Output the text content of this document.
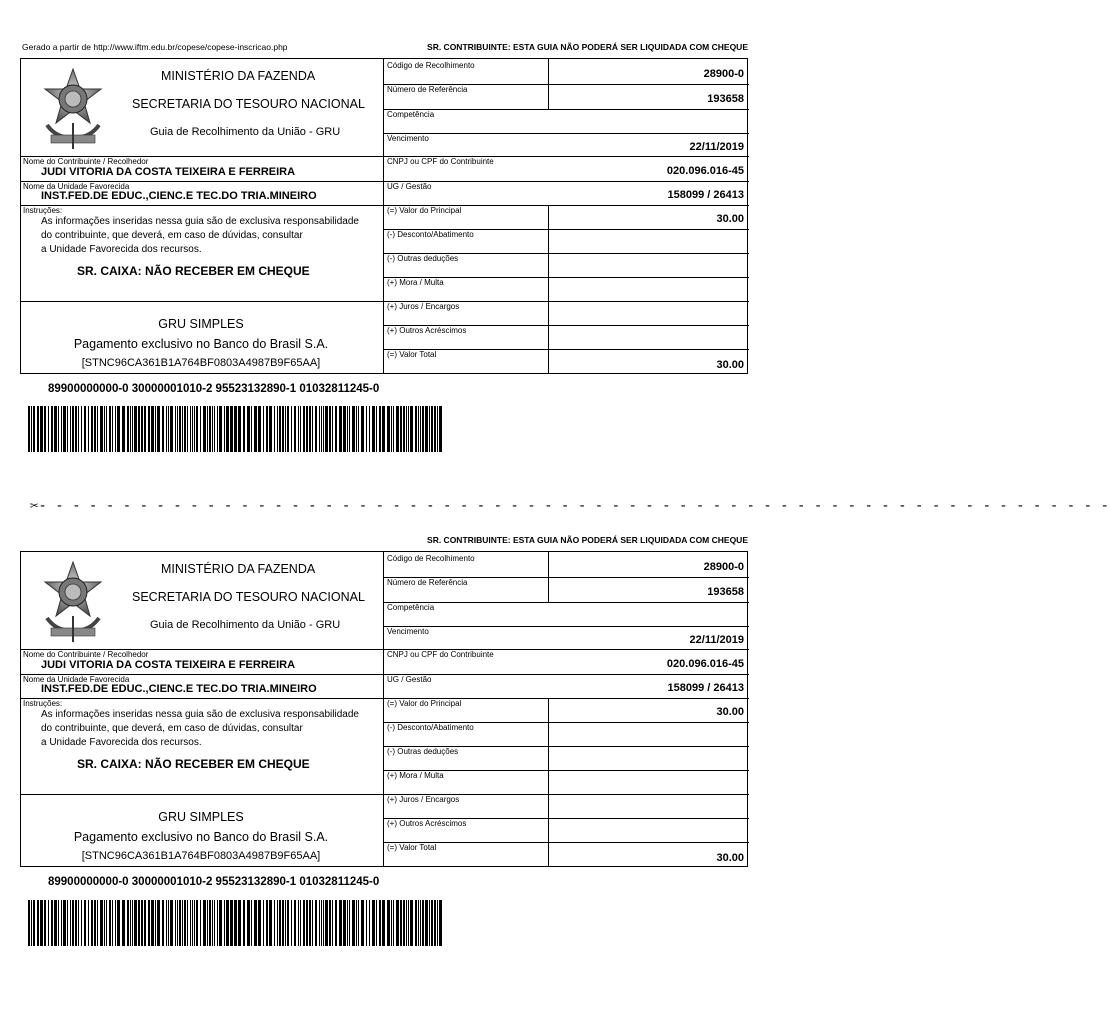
Gerado a partir de http://www.iftm.edu.br/copese/copese-inscricao.php	SR. CONTRIBUINTE: ESTA GUIA NÃO PODERÁ SER LIQUIDADA COM CHEQUE
MINISTÉRIO DA FAZENDA
SECRETARIA DO TESOURO NACIONAL
Guia de Recolhimento da União - GRU
Código de Recolhimento
28900-0
Número de Referência
193658
Competência
Vencimento
22/11/2019
Nome do Contribuinte / Recolhedor
JUDI VITORIA DA COSTA TEIXEIRA E FERREIRA
CNPJ ou CPF do Contribuinte
020.096.016-45
Nome da Unidade Favorecida
INST.FED.DE EDUC.,CIENC.E TEC.DO TRIA.MINEIRO
UG / Gestão
158099 / 26413
Instruções:
As informações inseridas nessa guia são de exclusiva responsabilidade
do contribuinte, que deverá, em caso de dúvidas, consultar
a Unidade Favorecida dos recursos.
SR. CAIXA: NÃO RECEBER EM CHEQUE
(=) Valor do Principal
30.00
(-) Desconto/Abatimento
(-) Outras deduções
(+) Mora / Multa
(+) Juros / Encargos
(+) Outros Acréscimos
(=) Valor Total
30.00
GRU SIMPLES
Pagamento exclusivo no Banco do Brasil S.A.
[STNC96CA361B1A764BF0803A4987B9F65AA]
89900000000-0 30000001010-2 95523132890-1 01032811245-0
✂- - - - - - - - - - - - - - - - - - - - - - - - - - - - - - - - - - - - - - - - - - - - - - - - - - - - - - - - - - - - - - - -
SR. CONTRIBUINTE: ESTA GUIA NÃO PODERÁ SER LIQUIDADA COM CHEQUE
MINISTÉRIO DA FAZENDA
SECRETARIA DO TESOURO NACIONAL
Guia de Recolhimento da União - GRU
Código de Recolhimento
28900-0
Número de Referência
193658
Competência
Vencimento
22/11/2019
Nome do Contribuinte / Recolhedor
JUDI VITORIA DA COSTA TEIXEIRA E FERREIRA
CNPJ ou CPF do Contribuinte
020.096.016-45
Nome da Unidade Favorecida
INST.FED.DE EDUC.,CIENC.E TEC.DO TRIA.MINEIRO
UG / Gestão
158099 / 26413
Instruções:
As informações inseridas nessa guia são de exclusiva responsabilidade
do contribuinte, que deverá, em caso de dúvidas, consultar
a Unidade Favorecida dos recursos.
SR. CAIXA: NÃO RECEBER EM CHEQUE
(=) Valor do Principal
30.00
(-) Desconto/Abatimento
(-) Outras deduções
(+) Mora / Multa
(+) Juros / Encargos
(+) Outros Acréscimos
(=) Valor Total
30.00
GRU SIMPLES
Pagamento exclusivo no Banco do Brasil S.A.
[STNC96CA361B1A764BF0803A4987B9F65AA]
89900000000-0 30000001010-2 95523132890-1 01032811245-0
